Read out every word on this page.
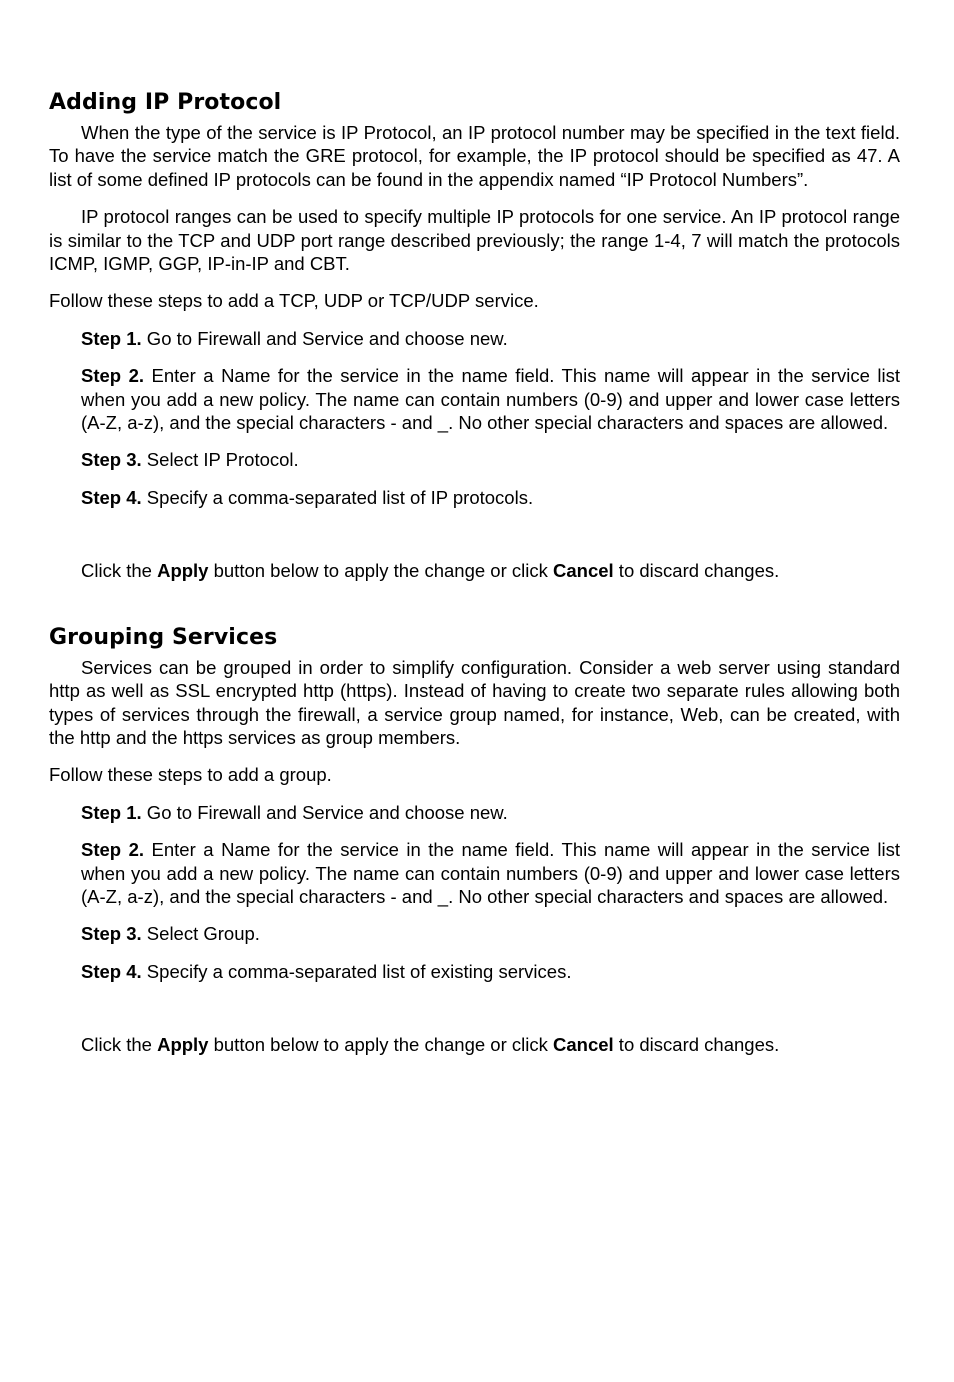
Adding IP Protocol

When the type of the service is IP Protocol, an IP protocol number may be specified in the text field. To have the service match the GRE protocol, for example, the IP protocol should be specified as 47. A list of some defined IP protocols can be found in the appendix named “IP Protocol Numbers”.

IP protocol ranges can be used to specify multiple IP protocols for one service. An IP protocol range is similar to the TCP and UDP port range described previously; the range 1-4, 7 will match the protocols ICMP, IGMP, GGP, IP-in-IP and CBT.

Follow these steps to add a TCP, UDP or TCP/UDP service.

Step 1. Go to Firewall and Service and choose new.

Step 2. Enter a Name for the service in the name field. This name will appear in the service list when you add a new policy. The name can contain numbers (0-9) and upper and lower case letters (A-Z, a-z), and the special characters - and _. No other special characters and spaces are allowed.

Step 3. Select IP Protocol.

Step 4. Specify a comma-separated list of IP protocols.

Click the Apply button below to apply the change or click Cancel to discard changes.

Grouping Services

Services can be grouped in order to simplify configuration. Consider a web server using standard http as well as SSL encrypted http (https). Instead of having to create two separate rules allowing both types of services through the firewall, a service group named, for instance, Web, can be created, with the http and the https services as group members.

Follow these steps to add a group.

Step 1. Go to Firewall and Service and choose new.

Step 2. Enter a Name for the service in the name field. This name will appear in the service list when you add a new policy. The name can contain numbers (0-9) and upper and lower case letters (A-Z, a-z), and the special characters - and _. No other special characters and spaces are allowed.

Step 3. Select Group.

Step 4. Specify a comma-separated list of existing services.

Click the Apply button below to apply the change or click Cancel to discard changes.
